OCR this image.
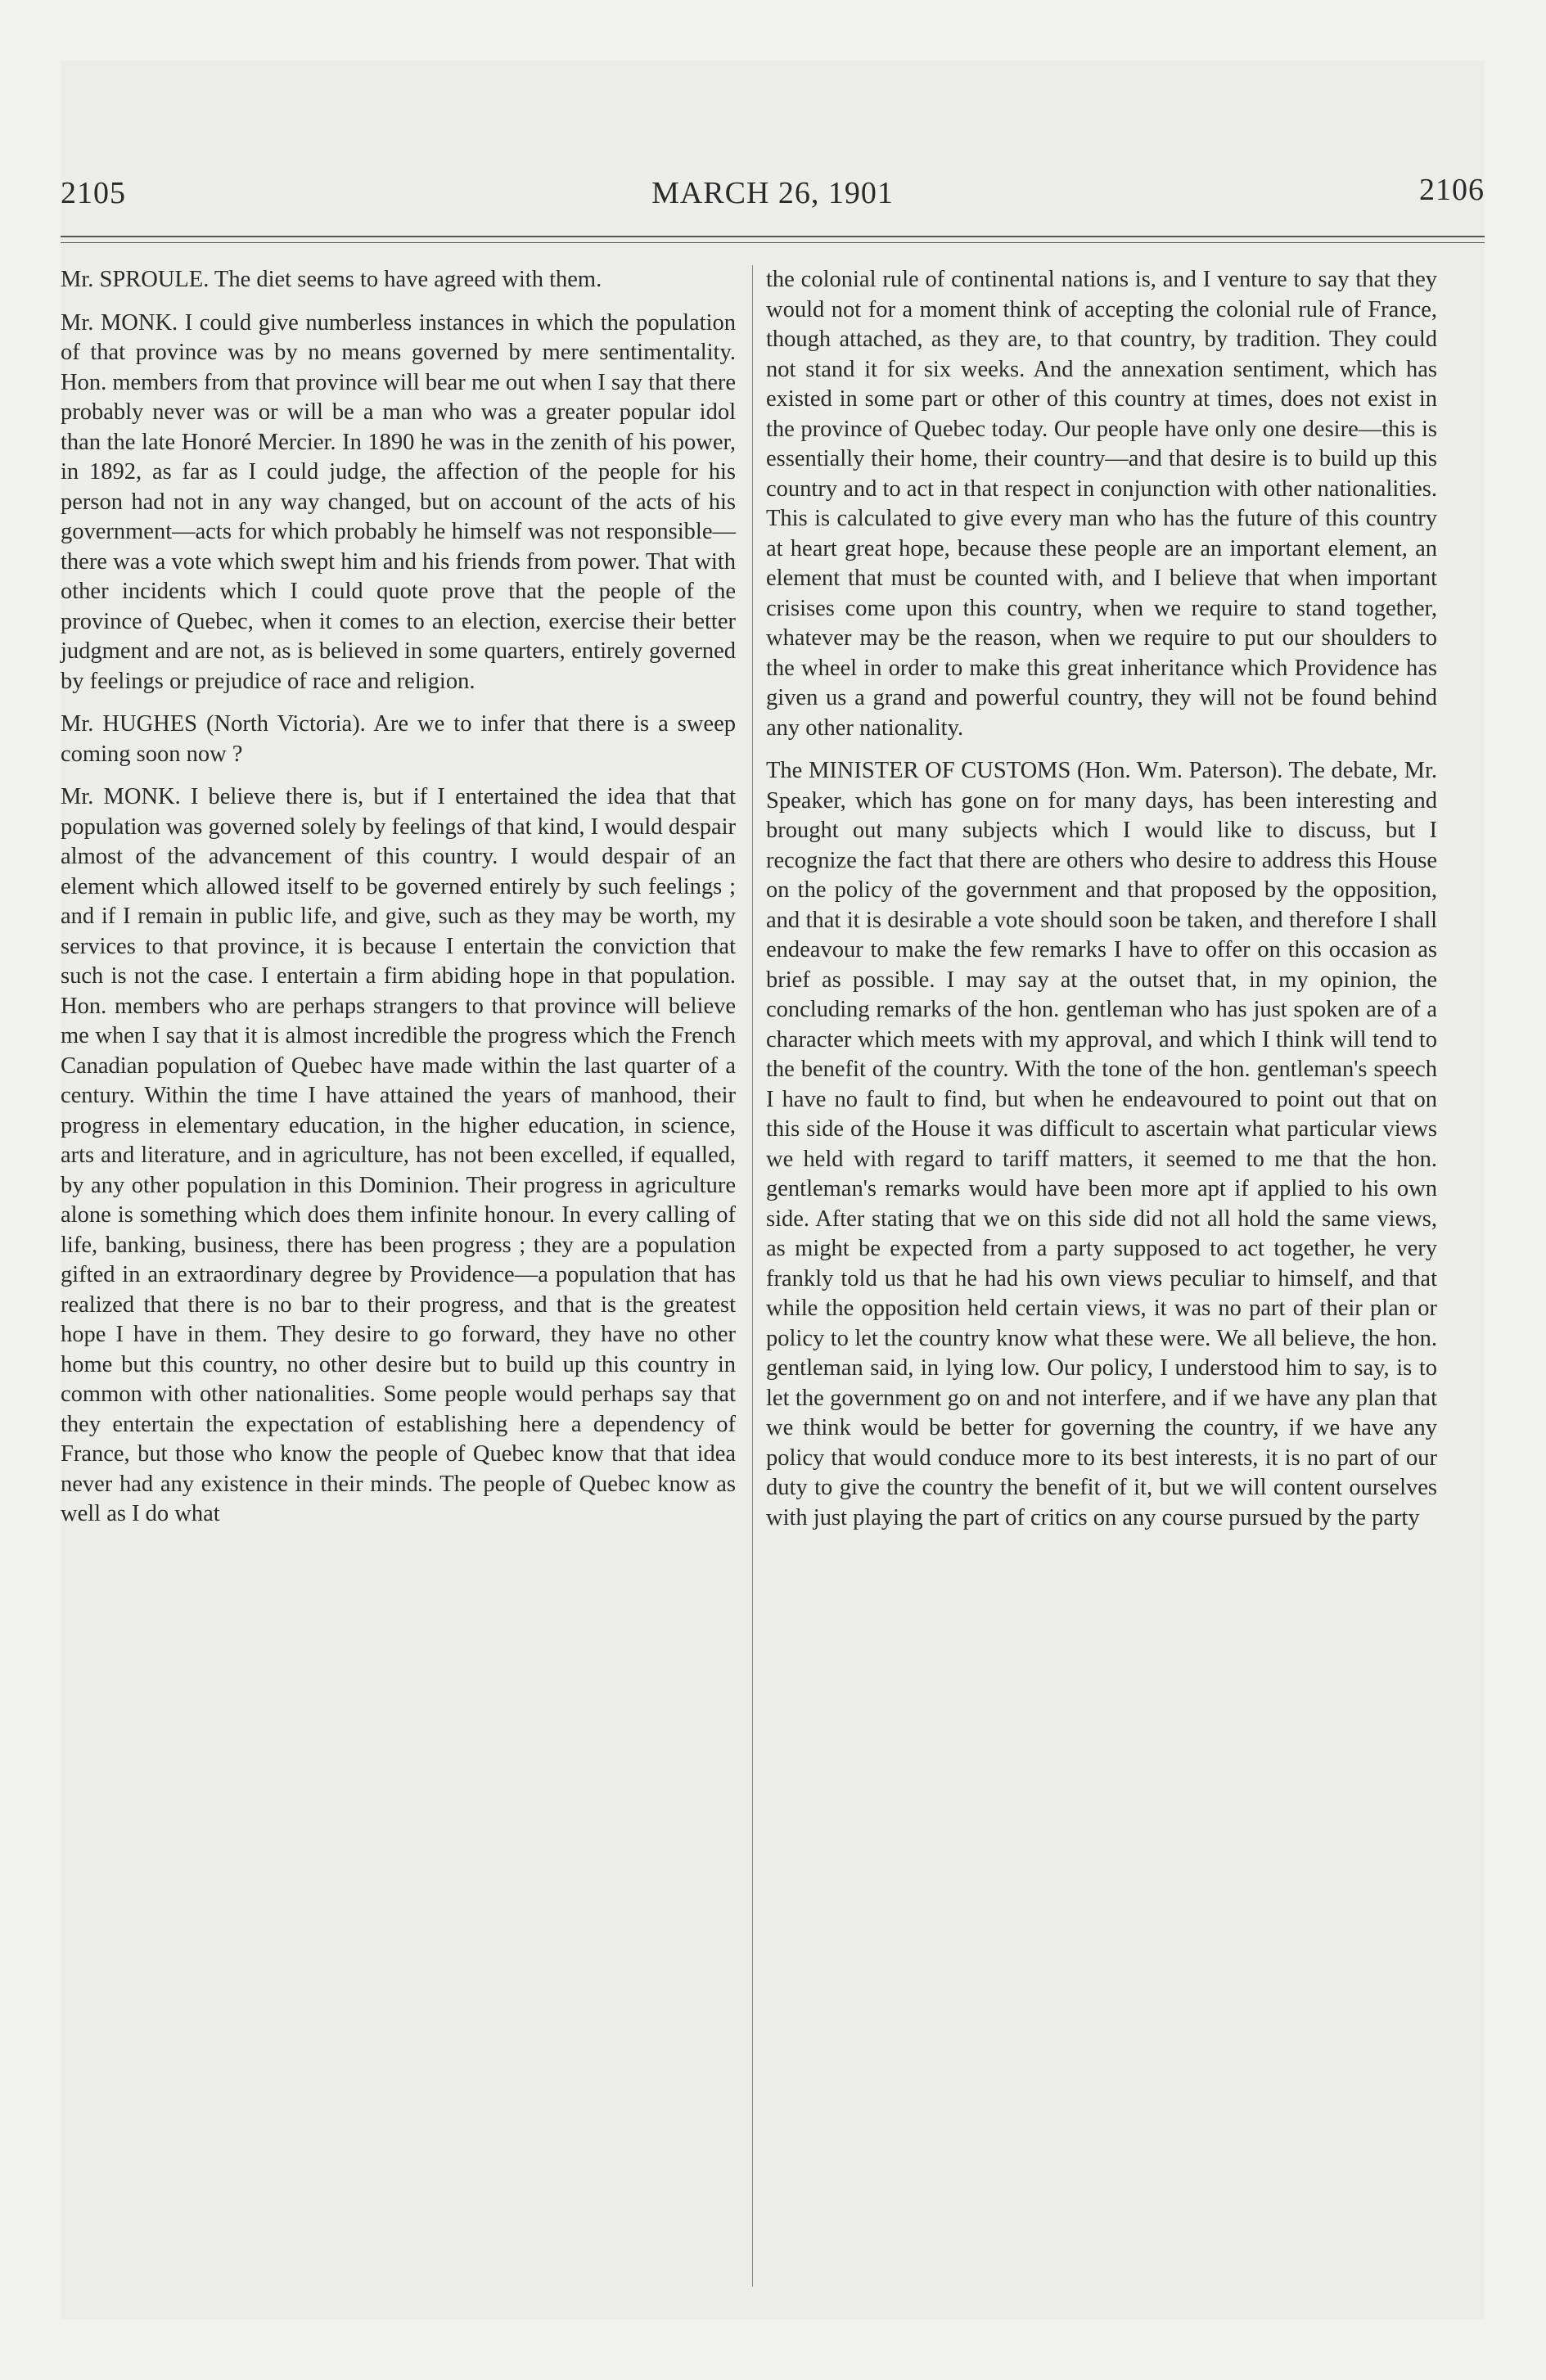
2105	MARCH 26, 1901	2106

Mr. SPROULE. The diet seems to have agreed with them.

Mr. MONK. I could give numberless instances in which the population of that province was by no means governed by mere sentimentality. Hon. members from that province will bear me out when I say that there probably never was or will be a man who was a greater popular idol than the late Honoré Mercier. In 1890 he was in the zenith of his power, in 1892, as far as I could judge, the affection of the people for his person had not in any way changed, but on account of the acts of his government—acts for which probably he himself was not responsible—there was a vote which swept him and his friends from power. That with other incidents which I could quote prove that the people of the province of Quebec, when it comes to an election, exercise their better judgment and are not, as is believed in some quarters, entirely governed by feelings or prejudice of race and religion.

Mr. HUGHES (North Victoria). Are we to infer that there is a sweep coming soon now ?

Mr. MONK. I believe there is, but if I entertained the idea that that population was governed solely by feelings of that kind, I would despair almost of the advancement of this country. I would despair of an element which allowed itself to be governed entirely by such feelings ; and if I remain in public life, and give, such as they may be worth, my services to that province, it is because I entertain the conviction that such is not the case. I entertain a firm abiding hope in that population. Hon. members who are perhaps strangers to that province will believe me when I say that it is almost incredible the progress which the French Canadian population of Quebec have made within the last quarter of a century. Within the time I have attained the years of manhood, their progress in elementary education, in the higher education, in science, arts and literature, and in agriculture, has not been excelled, if equalled, by any other population in this Dominion. Their progress in agriculture alone is something which does them infinite honour. In every calling of life, banking, business, there has been progress ; they are a population gifted in an extraordinary degree by Providence—a population that has realized that there is no bar to their progress, and that is the greatest hope I have in them. They desire to go forward, they have no other home but this country, no other desire but to build up this country in common with other nationalities. Some people would perhaps say that they entertain the expectation of establishing here a dependency of France, but those who know the people of Quebec know that that idea never had any existence in their minds. The people of Quebec know as well as I do what

the colonial rule of continental nations is, and I venture to say that they would not for a moment think of accepting the colonial rule of France, though attached, as they are, to that country, by tradition. They could not stand it for six weeks. And the annexation sentiment, which has existed in some part or other of this country at times, does not exist in the province of Quebec today. Our people have only one desire—this is essentially their home, their country—and that desire is to build up this country and to act in that respect in conjunction with other nationalities. This is calculated to give every man who has the future of this country at heart great hope, because these people are an important element, an element that must be counted with, and I believe that when important crisises come upon this country, when we require to stand together, whatever may be the reason, when we require to put our shoulders to the wheel in order to make this great inheritance which Providence has given us a grand and powerful country, they will not be found behind any other nationality.

The MINISTER OF CUSTOMS (Hon. Wm. Paterson). The debate, Mr. Speaker, which has gone on for many days, has been interesting and brought out many subjects which I would like to discuss, but I recognize the fact that there are others who desire to address this House on the policy of the government and that proposed by the opposition, and that it is desirable a vote should soon be taken, and therefore I shall endeavour to make the few remarks I have to offer on this occasion as brief as possible. I may say at the outset that, in my opinion, the concluding remarks of the hon. gentleman who has just spoken are of a character which meets with my approval, and which I think will tend to the benefit of the country. With the tone of the hon. gentleman's speech I have no fault to find, but when he endeavoured to point out that on this side of the House it was difficult to ascertain what particular views we held with regard to tariff matters, it seemed to me that the hon. gentleman's remarks would have been more apt if applied to his own side. After stating that we on this side did not all hold the same views, as might be expected from a party supposed to act together, he very frankly told us that he had his own views peculiar to himself, and that while the opposition held certain views, it was no part of their plan or policy to let the country know what these were. We all believe, the hon. gentleman said, in lying low. Our policy, I understood him to say, is to let the government go on and not interfere, and if we have any plan that we think would be better for governing the country, if we have any policy that would conduce more to its best interests, it is no part of our duty to give the country the benefit of it, but we will content ourselves with just playing the part of critics on any course pursued by the party
